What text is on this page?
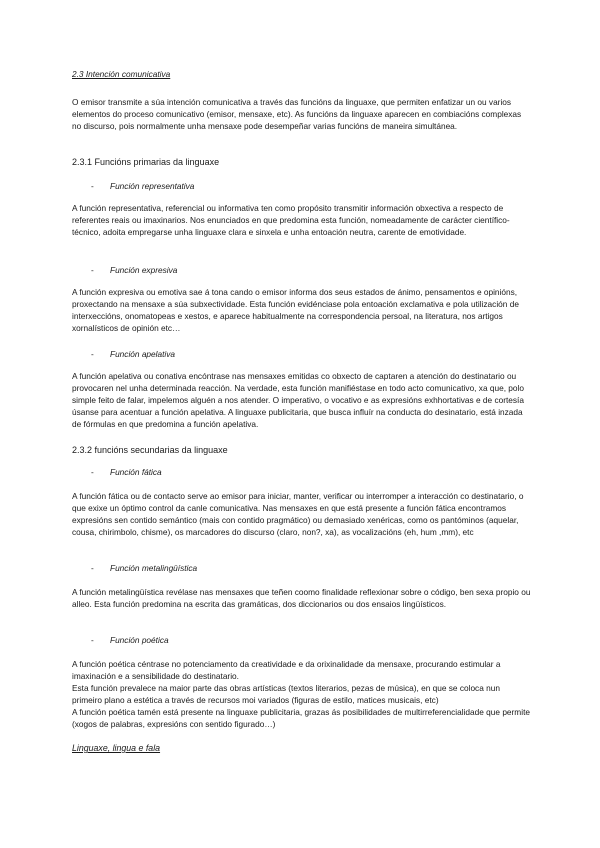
2.3 Intención comunicativa

O emisor transmite a súa intención comunicativa a través das funcións da linguaxe, que permiten enfatizar un ou varios elementos do proceso comunicativo (emisor, mensaxe, etc). As funcións da linguaxe aparecen en combiacións complexas no discurso, pois normalmente unha mensaxe pode desempeñar varias funcións de maneira simultánea.

2.3.1 Funcións primarias da linguaxe

-	Función representativa

A función representativa, referencial ou informativa ten como propósito transmitir información obxectiva a respecto de referentes reais ou imaxinarios. Nos enunciados en que predomina esta función, nomeadamente de carácter científico-técnico, adoita empregarse unha linguaxe clara e sinxela e unha entoación neutra, carente de emotividade.

-	Función expresiva

A función expresiva ou emotiva sae á tona cando o emisor informa dos seus estados de ánimo, pensamentos e opinións, proxectando na mensaxe a súa subxectividade. Esta función evidénciase pola entoación exclamativa e pola utilización de interxeccións, onomatopeas e xestos, e aparece habitualmente na correspondencia persoal, na literatura, nos artigos xornalísticos de opinión etc…

-	Función apelativa

A función apelativa ou conativa encóntrase nas mensaxes emitidas co obxecto de captaren a atención do destinatario ou provocaren nel unha determinada reacción. Na verdade, esta función manifiéstase en todo acto comunicativo, xa que, polo simple feito de falar, impelemos alguén a nos atender. O imperativo, o vocativo e as expresións exhhortativas e de cortesía úsanse para acentuar a función apelativa. A linguaxe publicitaria, que busca influír na conducta do desinatario, está inzada de fórmulas en que predomina a función apelativa.

2.3.2 funcións secundarias da linguaxe

-	Función fática

A función fática ou de contacto serve ao emisor para iniciar, manter, verificar ou interromper a interacción co destinatario, o que exixe un óptimo control da canle comunicativa. Nas mensaxes en que está presente a función fática encontramos expresións sen contido semántico (mais con contido pragmático) ou demasiado xenéricas, como os pantóminos (aquelar, cousa, chirimbolo, chisme), os marcadores do discurso (claro, non?, xa), as vocalizacións (eh, hum ,mm), etc

-	Función metalingüística

A función metalingüística revélase nas mensaxes que teñen coomo finalidade reflexionar sobre o código, ben sexa propio ou alleo. Esta función predomina na escrita das gramáticas, dos diccionarios ou dos ensaios lingüísticos.

-	Función poética

A función poética céntrase no potenciamento da creatividade e da orixinalidade da mensaxe, procurando estimular a imaxinación e a sensibilidade do destinatario.

Esta función prevalece na maior parte das obras artísticas (textos literarios, pezas de música), en que se coloca nun primeiro plano a estética a través de recursos moi variados (figuras de estilo, matices musicais, etc)

A función poética tamén está presente na linguaxe publicitaria, grazas ás posibilidades de multirreferencialidade que permite (xogos de palabras, expresións con sentido figurado…)

Linguaxe, lingua e fala
